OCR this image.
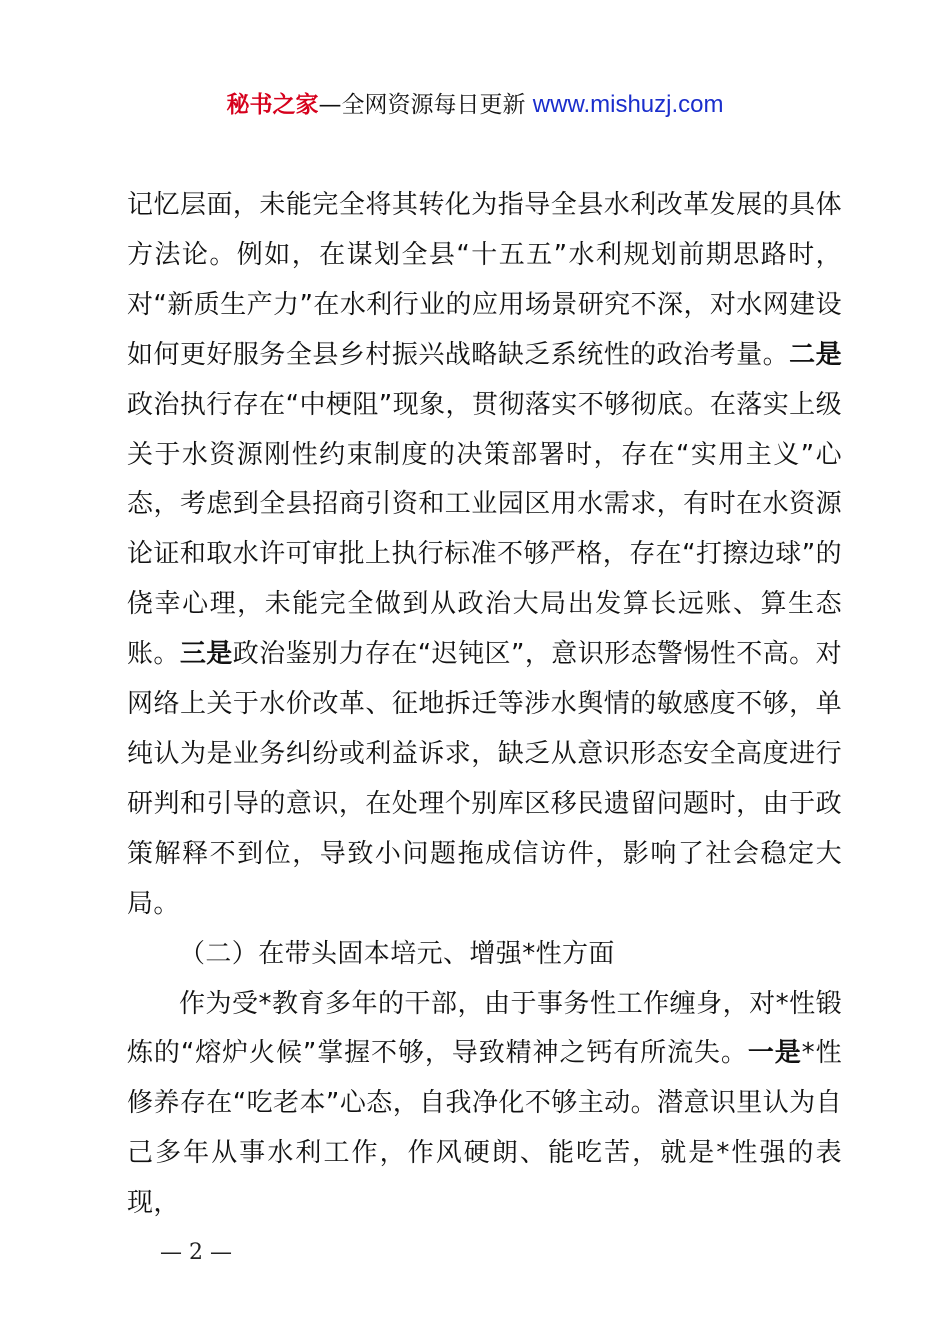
秘书之家—全网资源每日更新 www.mishuzj.com

记忆层面，未能完全将其转化为指导全县水利改革发展的具体方法论。例如，在谋划全县“十五五”水利规划前期思路时，对“新质生产力”在水利行业的应用场景研究不深，对水网建设如何更好服务全县乡村振兴战略缺乏系统性的政治考量。二是政治执行存在“中梗阻”现象，贯彻落实不够彻底。在落实上级关于水资源刚性约束制度的决策部署时，存在“实用主义”心态，考虑到全县招商引资和工业园区用水需求，有时在水资源论证和取水许可审批上执行标准不够严格，存在“打擦边球”的侥幸心理，未能完全做到从政治大局出发算长远账、算生态账。三是政治鉴别力存在“迟钝区”，意识形态警惕性不高。对网络上关于水价改革、征地拆迁等涉水舆情的敏感度不够，单纯认为是业务纠纷或利益诉求，缺乏从意识形态安全高度进行研判和引导的意识，在处理个别库区移民遗留问题时，由于政策解释不到位，导致小问题拖成信访件，影响了社会稳定大局。

（二）在带头固本培元、增强*性方面

作为受*教育多年的干部，由于事务性工作缠身，对*性锻炼的“熔炉火候”掌握不够，导致精神之钙有所流失。一是*性修养存在“吃老本”心态，自我净化不够主动。潜意识里认为自己多年从事水利工作，作风硬朗、能吃苦，就是*性强的表现，

— 2 —
